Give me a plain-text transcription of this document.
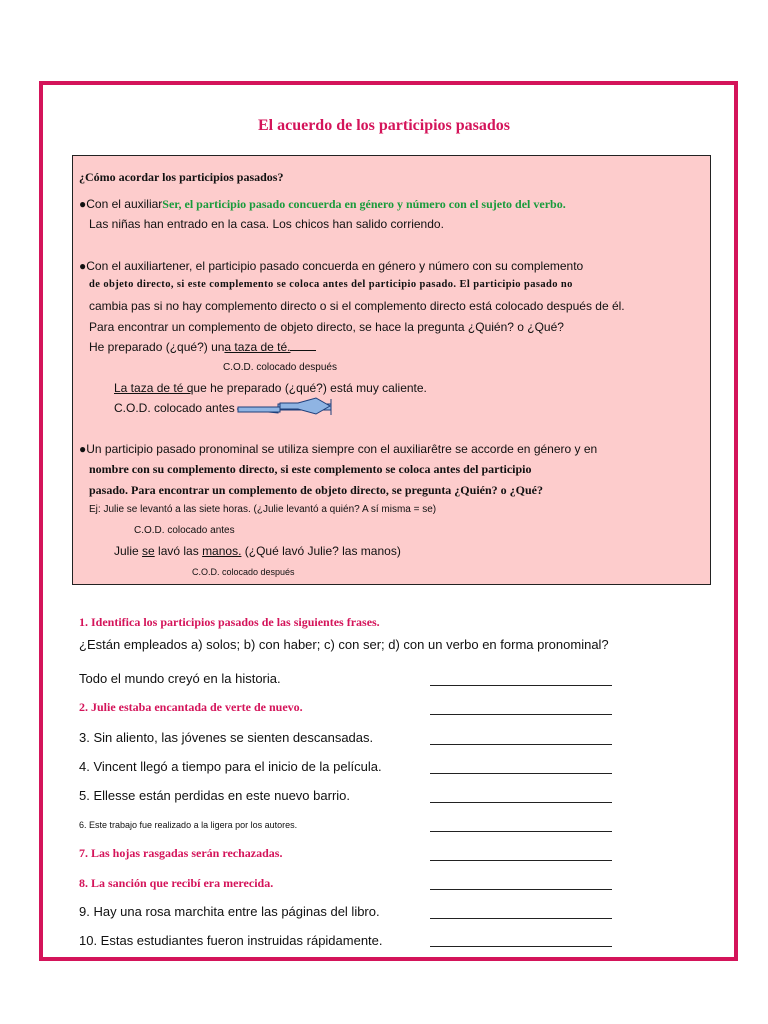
El acuerdo de los participios pasados
¿Cómo acordar los participios pasados?
●Con el auxiliarSer, el participio pasado concuerda en género y número con el sujeto del verbo.
Las niñas han entrado en la casa. Los chicos han salido corriendo.
●Con el auxiliartener, el participio pasado concuerda en género y número con su complemento
de objeto directo, si este complemento se coloca antes del participio pasado. El participio pasado no
cambia pas si no hay complemento directo o si el complemento directo está colocado después de él.
Para encontrar un complemento de objeto directo, se hace la pregunta ¿Quién? o ¿Qué?
He preparado (¿qué?) una taza de té.
C.O.D. colocado después
La taza de té que he preparado (¿qué?) está muy caliente.
C.O.D. colocado antes
●Un participio pasado pronominal se utiliza siempre con el auxiliarêtre se accorde en género y en
nombre con su complemento directo, si este complemento se coloca antes del participio
pasado. Para encontrar un complemento de objeto directo, se pregunta ¿Quién? o ¿Qué?
Ej: Julie se levantó a las siete horas. (¿Julie levantó a quién? A sí misma = se)
C.O.D. colocado antes
Julie se lavó las manos. (¿Qué lavó Julie? las manos)
C.O.D. colocado después
1. Identifica los participios pasados de las siguientes frases.
¿Están empleados a) solos; b) con haber; c) con ser; d) con un verbo en forma pronominal?
Todo el mundo creyó en la historia.
2. Julie estaba encantada de verte de nuevo.
3. Sin aliento, las jóvenes se sienten descansadas.
4. Vincent llegó a tiempo para el inicio de la película.
5. Ellesse están perdidas en este nuevo barrio.
6. Este trabajo fue realizado a la ligera por los autores.
7. Las hojas rasgadas serán rechazadas.
8. La sanción que recibí era merecida.
9. Hay una rosa marchita entre las páginas del libro.
10. Estas estudiantes fueron instruidas rápidamente.
